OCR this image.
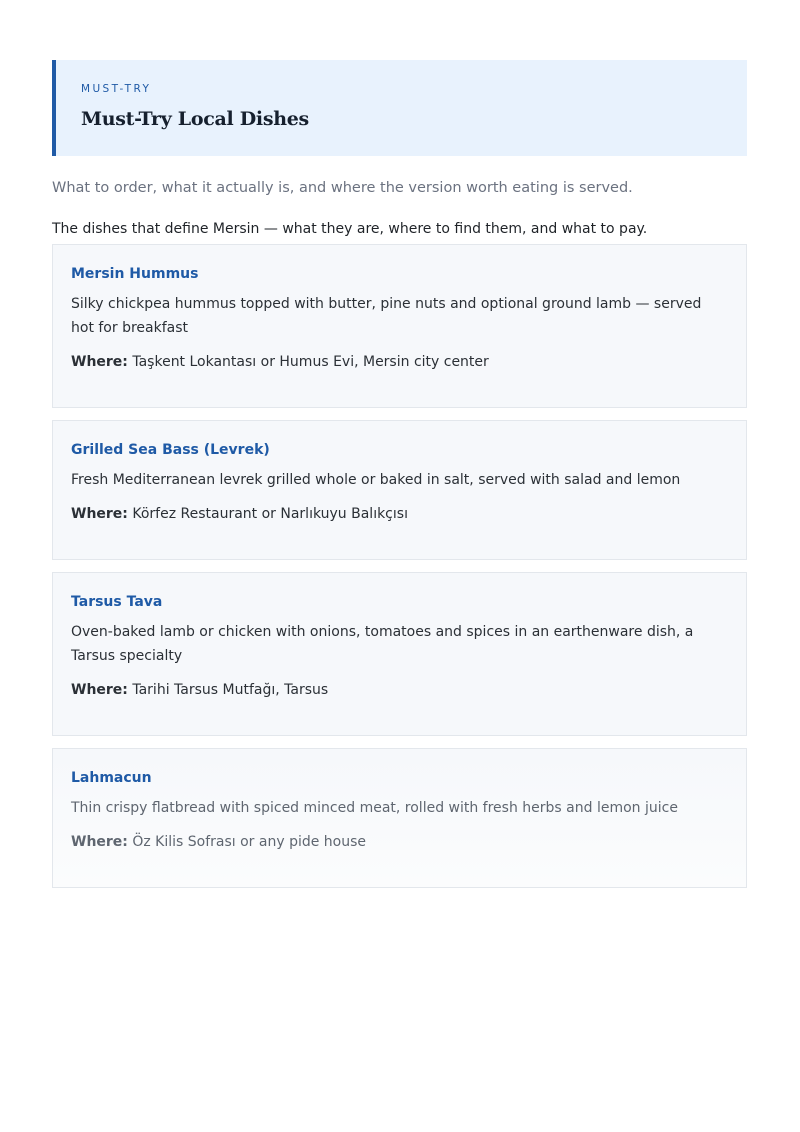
MUST-TRY
Must-Try Local Dishes
What to order, what it actually is, and where the version worth eating is served.
The dishes that define Mersin — what they are, where to find them, and what to pay.
Mersin Hummus
Silky chickpea hummus topped with butter, pine nuts and optional ground lamb — served hot for breakfast
Where: Taşkent Lokantası or Humus Evi, Mersin city center
Grilled Sea Bass (Levrek)
Fresh Mediterranean levrek grilled whole or baked in salt, served with salad and lemon
Where: Körfez Restaurant or Narlıkuyu Balıkçısı
Tarsus Tava
Oven-baked lamb or chicken with onions, tomatoes and spices in an earthenware dish, a Tarsus specialty
Where: Tarihi Tarsus Mutfağı, Tarsus
Lahmacun
Thin crispy flatbread with spiced minced meat, rolled with fresh herbs and lemon juice
Where: Öz Kilis Sofrası or any pide house
